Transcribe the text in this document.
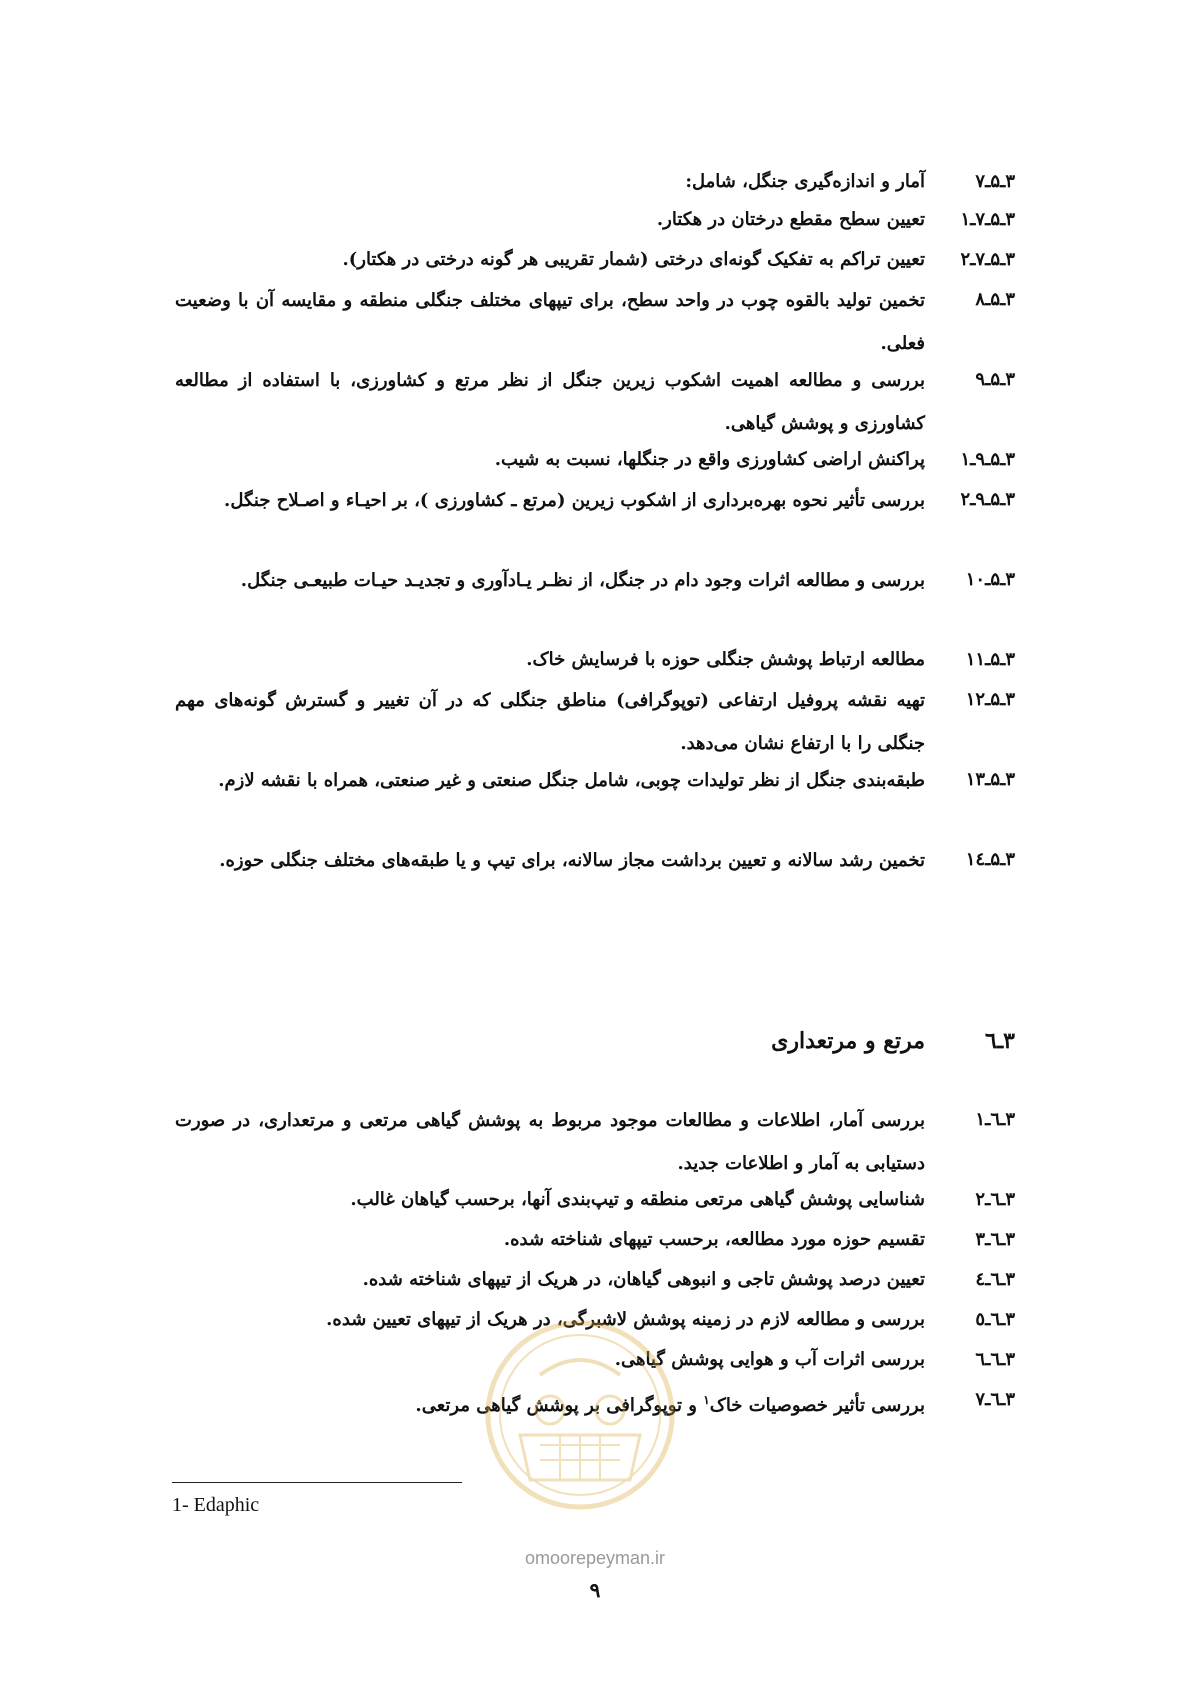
۳ـ۵ـ۷
آمار و اندازه‌گیری جنگل، شامل:
۳ـ۵ـ۷ـ۱
تعیین سطح مقطع درختان در هکتار.
۳ـ۵ـ۷ـ۲
تعیین تراکم به تفکیک گونه‌ای درختی (شمار تقریبی هر گونه درختی در هکتار).
۳ـ۵ـ۸
تخمین تولید بالقوه چوب در واحد سطح، برای تیپهای مختلف جنگلی منطقه و مقایسه آن با وضعیت فعلی.
۳ـ۵ـ۹
بررسی و مطالعه اهمیت اشکوب زیرین جنگل از نظر مرتع و کشاورزی، با استفاده از مطالعه کشاورزی و پوشش گیاهی.
۳ـ۵ـ۹ـ۱
پراکنش اراضی کشاورزی واقع در جنگلها، نسبت به شیب.
۳ـ۵ـ۹ـ۲
بررسی تأثیر نحوه بهره‌برداری از اشکوب زیرین (مرتع ـ کشاورزی )، بر احیـاء و اصـلاح جنگل.
۳ـ۵ـ۱۰
بررسی و مطالعه اثرات وجود دام در جنگل، از نظـر یـادآوری و تجدیـد حیـات طبیعـی جنگل.
۳ـ۵ـ۱۱
مطالعه ارتباط پوشش جنگلی حوزه با فرسایش خاک.
۳ـ۵ـ۱۲
تهیه نقشه پروفیل ارتفاعی (توپوگرافی) مناطق جنگلی که در آن تغییر و گسترش گونه‌های مهم جنگلی را با ارتفاع نشان می‌دهد.
۳ـ۵ـ۱۳
طبقه‌بندی جنگل از نظر تولیدات چوبی، شامل جنگل صنعتی و غیر صنعتی، همراه با نقشه لازم.
۳ـ۵ـ۱٤
تخمین رشد سالانه و تعیین برداشت مجاز سالانه، برای تیپ و یا طبقه‌های مختلف جنگلی حوزه.
۳ـ٦مرتع و مرتعداری
۳ـ٦ـ۱
بررسی آمار، اطلاعات و مطالعات موجود مربوط به پوشش گیاهی مرتعی و مرتعداری، در صورت دستیابی به آمار و اطلاعات جدید.
۳ـ٦ـ۲
شناسایی پوشش گیاهی مرتعی منطقه و تیپ‌بندی آنها، برحسب گیاهان غالب.
۳ـ٦ـ۳
تقسیم حوزه مورد مطالعه، برحسب تیپهای شناخته شده.
۳ـ٦ـ٤
تعیین درصد پوشش تاجی و انبوهی گیاهان، در هریک از تیپهای شناخته شده.
۳ـ٦ـ٥
بررسی و مطالعه لازم در زمینه پوشش لاشبرگی، در هریک از تیپهای تعیین شده.
۳ـ٦ـ٦
بررسی اثرات آب و هوایی پوشش گیاهی.
۳ـ٦ـ۷
بررسی تأثیر خصوصیات خاک$^۱$ و توپوگرافی بر پوشش گیاهی مرتعی.
1- Edaphic
omoorepeyman.ir
۹
